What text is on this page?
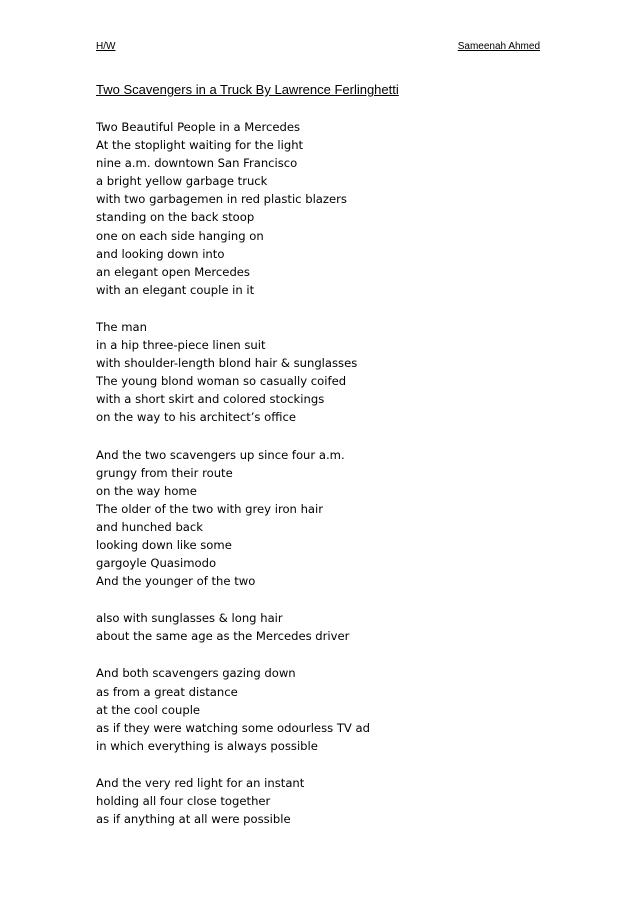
H/W	Sameenah Ahmed
Two Scavengers in a Truck By Lawrence Ferlinghetti
Two Beautiful People in a Mercedes
At the stoplight waiting for the light
nine a.m. downtown San Francisco
a bright yellow garbage truck
with two garbagemen in red plastic blazers
standing on the back stoop
one on each side hanging on
and looking down into
an elegant open Mercedes
with an elegant couple in it
The man
in a hip three-piece linen suit
with shoulder-length blond hair & sunglasses
The young blond woman so casually coifed
with a short skirt and colored stockings
on the way to his architect’s office
And the two scavengers up since four a.m.
grungy from their route
on the way home
The older of the two with grey iron hair
and hunched back
looking down like some
gargoyle Quasimodo
And the younger of the two
also with sunglasses & long hair
about the same age as the Mercedes driver
And both scavengers gazing down
as from a great distance
at the cool couple
as if they were watching some odourless TV ad
in which everything is always possible
And the very red light for an instant
holding all four close together
as if anything at all were possible
